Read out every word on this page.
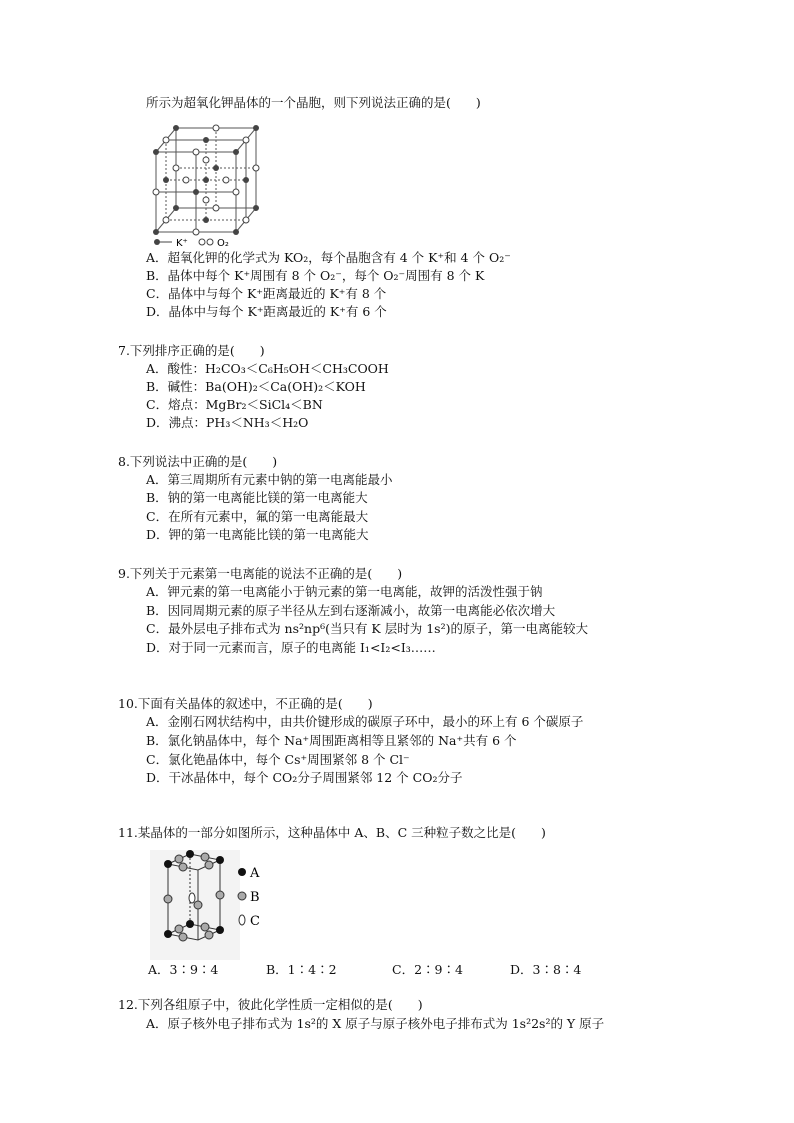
所示为超氧化钾晶体的一个晶胞，则下列说法正确的是(　　)
K⁺	O₂
A．超氧化钾的化学式为 KO₂，每个晶胞含有 4 个 K⁺和 4 个 O₂⁻
B．晶体中每个 K⁺周围有 8 个 O₂⁻，每个 O₂⁻周围有 8 个 K
C．晶体中与每个 K⁺距离最近的 K⁺有 8 个
D．晶体中与每个 K⁺距离最近的 K⁺有 6 个
7.下列排序正确的是(　　)
A．酸性：H₂CO₃＜C₆H₅OH＜CH₃COOH
B．碱性：Ba(OH)₂＜Ca(OH)₂＜KOH
C．熔点：MgBr₂＜SiCl₄＜BN
D．沸点：PH₃＜NH₃＜H₂O
8.下列说法中正确的是(　　)
A．第三周期所有元素中钠的第一电离能最小
B．钠的第一电离能比镁的第一电离能大
C．在所有元素中，氟的第一电离能最大
D．钾的第一电离能比镁的第一电离能大
9.下列关于元素第一电离能的说法不正确的是(　　)
A．钾元素的第一电离能小于钠元素的第一电离能，故钾的活泼性强于钠
B．因同周期元素的原子半径从左到右逐渐减小，故第一电离能必依次增大
C．最外层电子排布式为 ns²np⁶(当只有 K 层时为 1s²)的原子，第一电离能较大
D．对于同一元素而言，原子的电离能 I₁<I₂<I₃……
10.下面有关晶体的叙述中，不正确的是(　　)
A．金刚石网状结构中，由共价键形成的碳原子环中，最小的环上有 6 个碳原子
B．氯化钠晶体中，每个 Na⁺周围距离相等且紧邻的 Na⁺共有 6 个
C．氯化铯晶体中，每个 Cs⁺周围紧邻 8 个 Cl⁻
D．干冰晶体中，每个 CO₂分子周围紧邻 12 个 CO₂分子
11.某晶体的一部分如图所示，这种晶体中 A、B、C 三种粒子数之比是(　　)
A
B
C
A．3∶9∶4	B．1∶4∶2	C．2∶9∶4	D．3∶8∶4
12.下列各组原子中，彼此化学性质一定相似的是(　　)
A．原子核外电子排布式为 1s²的 X 原子与原子核外电子排布式为 1s²2s²的 Y 原子
